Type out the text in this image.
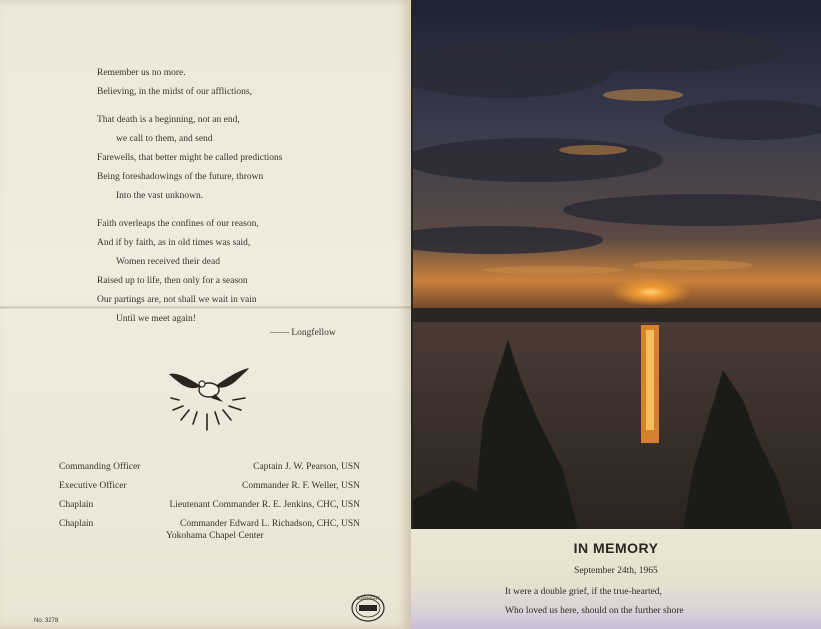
Remember us no more.
Believing, in the midst of our afflictions,
That death is a beginning, not an end,
we call to them, and send
Farewells, that better might be called predictions
Being foreshadowings of the future, thrown
Into the vast unknown.
Faith overleaps the confines of our reason,
And if by faith, as in old times was said,
Women received their dead
Raised up to life, then only for a season
Our partings are, not shall we wait in vain
Until we meet again!
—— Longfellow
Commanding Officer	Captain J. W. Pearson, USN
Executive Officer	Commander R. F. Weller, USN
Chaplain	Lieutenant Commander R. E. Jenkins, CHC, USN
Chaplain	Commander Edward L. Richadson, CHC, USN
Yokohama Chapel Center
No. 3278
COPYRIGHT
IN MEMORY
September 24th, 1965
It were a double grief, if the true-hearted,
Who loved us here, should on the further shore
